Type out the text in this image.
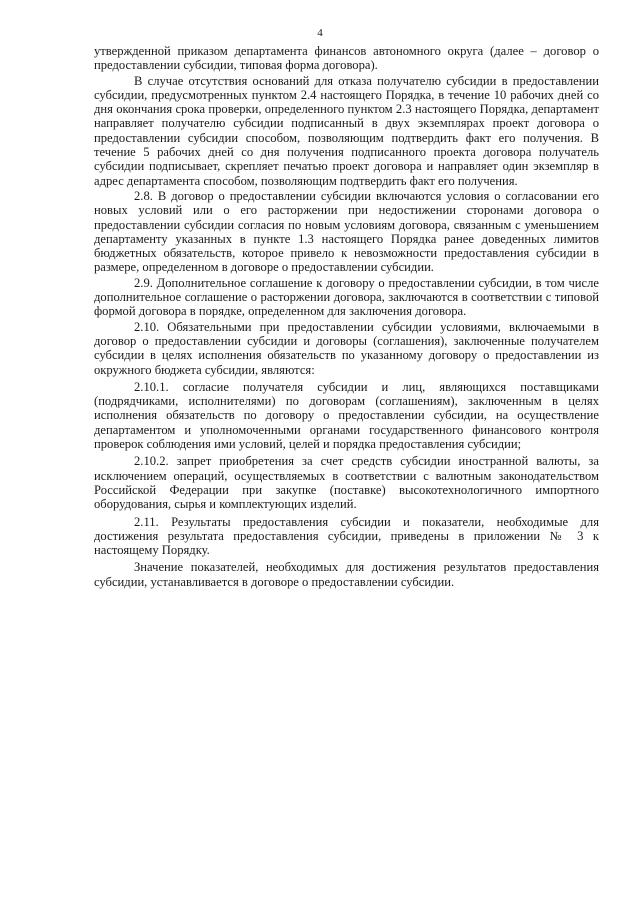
4

утвержденной приказом департамента финансов автономного округа (далее – договор о предоставлении субсидии, типовая форма договора).

В случае отсутствия оснований для отказа получателю субсидии в предоставлении субсидии, предусмотренных пунктом 2.4 настоящего Порядка, в течение 10 рабочих дней со дня окончания срока проверки, определенного пунктом 2.3 настоящего Порядка, департамент направляет получателю субсидии подписанный в двух экземплярах проект договора о предоставлении субсидии способом, позволяющим подтвердить факт его получения. В течение 5 рабочих дней со дня получения подписанного проекта договора получатель субсидии подписывает, скрепляет печатью проект договора и направляет один экземпляр в адрес департамента способом, позволяющим подтвердить факт его получения.

2.8. В договор о предоставлении субсидии включаются условия о согласовании его новых условий или о его расторжении при недостижении сторонами договора о предоставлении субсидии согласия по новым условиям договора, связанным с уменьшением департаменту указанных в пункте 1.3 настоящего Порядка ранее доведенных лимитов бюджетных обязательств, которое привело к невозможности предоставления субсидии в размере, определенном в договоре о предоставлении субсидии.

2.9. Дополнительное соглашение к договору о предоставлении субсидии, в том числе дополнительное соглашение о расторжении договора, заключаются в соответствии с типовой формой договора в порядке, определенном для заключения договора.

2.10. Обязательными при предоставлении субсидии условиями, включаемыми в договор о предоставлении субсидии и договоры (соглашения), заключенные получателем субсидии в целях исполнения обязательств по указанному договору о предоставлении из окружного бюджета субсидии, являются:

2.10.1. согласие получателя субсидии и лиц, являющихся поставщиками (подрядчиками, исполнителями) по договорам (соглашениям), заключенным в целях исполнения обязательств по договору о предоставлении субсидии, на осуществление департаментом и уполномоченными органами государственного финансового контроля проверок соблюдения ими условий, целей и порядка предоставления субсидии;

2.10.2. запрет приобретения за счет средств субсидии иностранной валюты, за исключением операций, осуществляемых в соответствии с валютным законодательством Российской Федерации при закупке (поставке) высокотехнологичного импортного оборудования, сырья и комплектующих изделий.

2.11. Результаты предоставления субсидии и показатели, необходимые для достижения результата предоставления субсидии, приведены в приложении № 3 к настоящему Порядку.

Значение показателей, необходимых для достижения результатов предоставления субсидии, устанавливается в договоре о предоставлении субсидии.
